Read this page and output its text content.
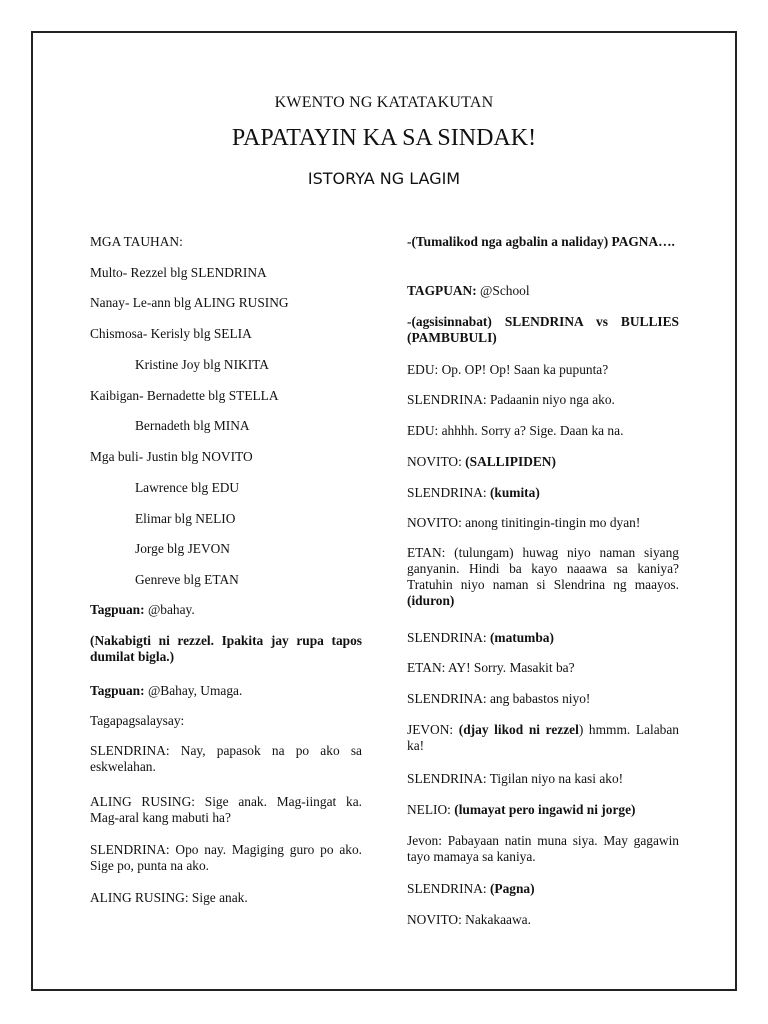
KWENTO NG KATATAKUTAN
PAPATAYIN KA SA SINDAK!
ISTORYA NG LAGIM

MGA TAUHAN:

Multo- Rezzel blg SLENDRINA

Nanay- Le-ann blg ALING RUSING

Chismosa- Kerisly blg SELIA

Kristine Joy blg NIKITA

Kaibigan- Bernadette blg STELLA

Bernadeth blg MINA

Mga buli- Justin blg NOVITO

Lawrence blg EDU

Elimar blg NELIO

Jorge blg JEVON

Genreve blg ETAN

Tagpuan: @bahay.

(Nakabigti ni rezzel. Ipakita jay rupa tapos dumilat bigla.)

Tagpuan: @Bahay, Umaga.

Tagapagsalaysay:

SLENDRINA: Nay, papasok na po ako sa eskwelahan.

ALING RUSING: Sige anak. Mag-iingat ka. Mag-aral kang mabuti ha?

SLENDRINA: Opo nay. Magiging guro po ako. Sige po, punta na ako.

ALING RUSING: Sige anak.

-(Tumalikod nga agbalin a naliday) PAGNA….

TAGPUAN: @School

-(agsisinnabat) SLENDRINA vs BULLIES (PAMBUBULI)

EDU: Op. OP! Op! Saan ka pupunta?

SLENDRINA: Padaanin niyo nga ako.

EDU: ahhhh. Sorry a? Sige. Daan ka na.

NOVITO: (SALLIPIDEN)

SLENDRINA: (kumita)

NOVITO: anong tinitingin-tingin mo dyan!

ETAN: (tulungam) huwag niyo naman siyang ganyanin. Hindi ba kayo naaawa sa kaniya? Tratuhin niyo naman si Slendrina ng maayos. (iduron)

SLENDRINA: (matumba)

ETAN: AY! Sorry. Masakit ba?

SLENDRINA: ang babastos niyo!

JEVON: (djay likod ni rezzel) hmmm. Lalaban ka!

SLENDRINA: Tigilan niyo na kasi ako!

NELIO: (lumayat pero ingawid ni jorge)

Jevon: Pabayaan natin muna siya. May gagawin tayo mamaya sa kaniya.

SLENDRINA: (Pagna)

NOVITO: Nakakaawa.
